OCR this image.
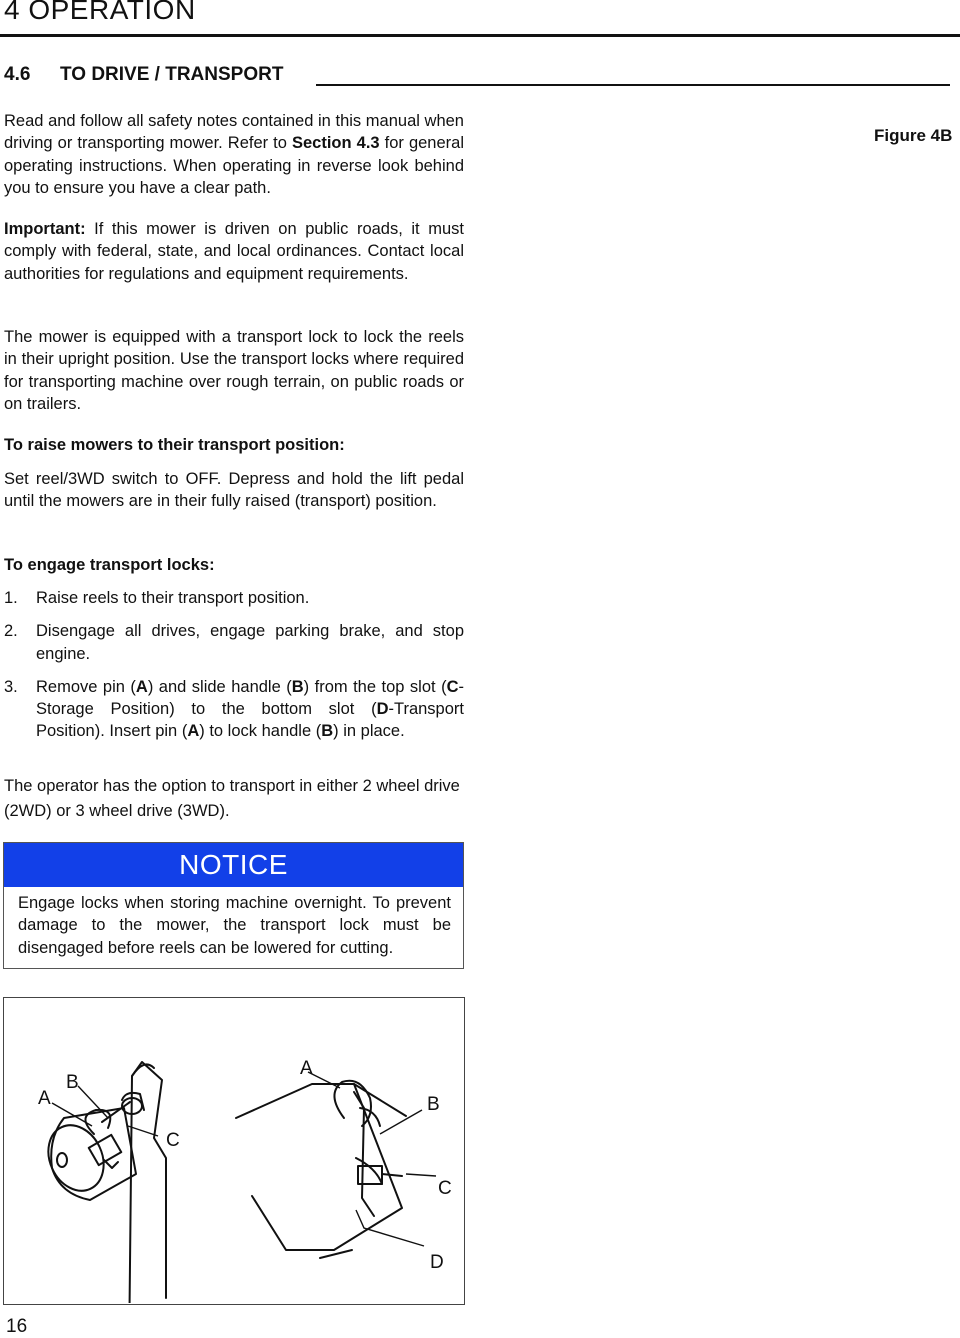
4 OPERATION
4.6 TO DRIVE / TRANSPORT
Figure 4B

Read and follow all safety notes contained in this manual when driving or transporting mower. Refer to Section 4.3 for general operating instructions. When operating in reverse look behind you to ensure you have a clear path.

Important: If this mower is driven on public roads, it must comply with federal, state, and local ordinances. Contact local authorities for regulations and equipment requirements.

The mower is equipped with a transport lock to lock the reels in their upright position. Use the transport locks where required for transporting machine over rough terrain, on public roads or on trailers.

To raise mowers to their transport position:

Set reel/3WD switch to OFF. Depress and hold the lift pedal until the mowers are in their fully raised (transport) position.

To engage transport locks:

1. Raise reels to their transport position.
2. Disengage all drives, engage parking brake, and stop engine.
3. Remove pin (A) and slide handle (B) from the top slot (C-Storage Position) to the bottom slot (D-Transport Position). Insert pin (A) to lock handle (B) in place.

The operator has the option to transport in either 2 wheel drive (2WD) or 3 wheel drive (3WD).

NOTICE
Engage locks when storing machine overnight. To prevent damage to the mower, the transport lock must be disengaged before reels can be lowered for cutting.
A
B
C
A
B
C
D
16
